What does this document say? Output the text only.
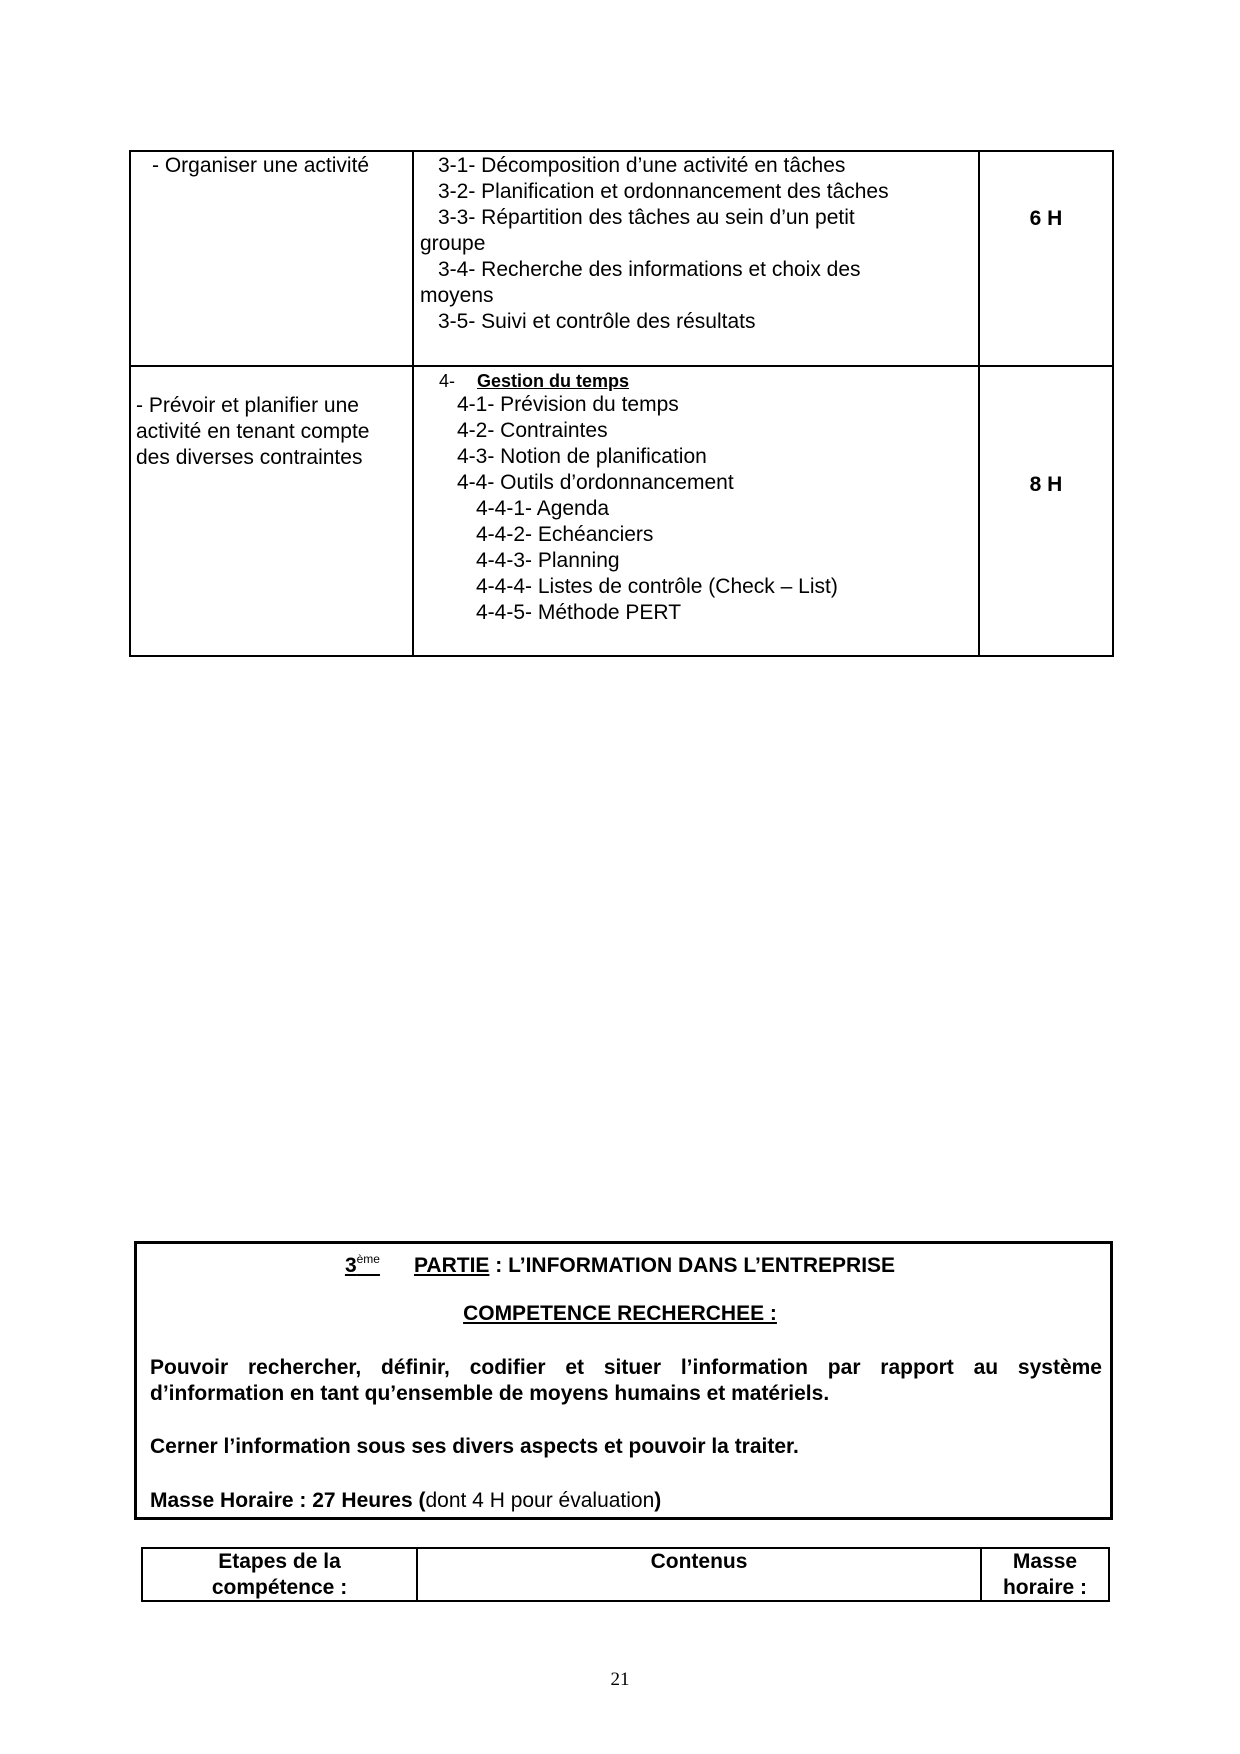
- Organiser une activité	3-1- Décomposition d’une activité en tâches
3-2- Planification et ordonnancement des tâches
3-3- Répartition des tâches au sein d’un petit
groupe
3-4- Recherche des informations et choix des
moyens
3-5- Suivi et contrôle des résultats
6 H
- Prévoir et planifier une
activité en tenant compte
des diverses contraintes
4- Gestion du temps
4-1- Prévision du temps
4-2- Contraintes
4-3- Notion de planification
4-4- Outils d’ordonnancement
4-4-1- Agenda
4-4-2- Echéanciers
4-4-3- Planning
4-4-4- Listes de contrôle (Check – List)
4-4-5- Méthode PERT
8 H
3ème PARTIE : L’INFORMATION DANS L’ENTREPRISE
COMPETENCE RECHERCHEE :
Pouvoir rechercher, définir, codifier et situer l’information par rapport au système d’information en tant qu’ensemble de moyens humains et matériels.
Cerner l’information sous ses divers aspects et pouvoir la traiter.
Masse Horaire : 27 Heures (dont 4 H pour évaluation)
Etapes de la
compétence :
Contenus	Masse
horaire :
21
